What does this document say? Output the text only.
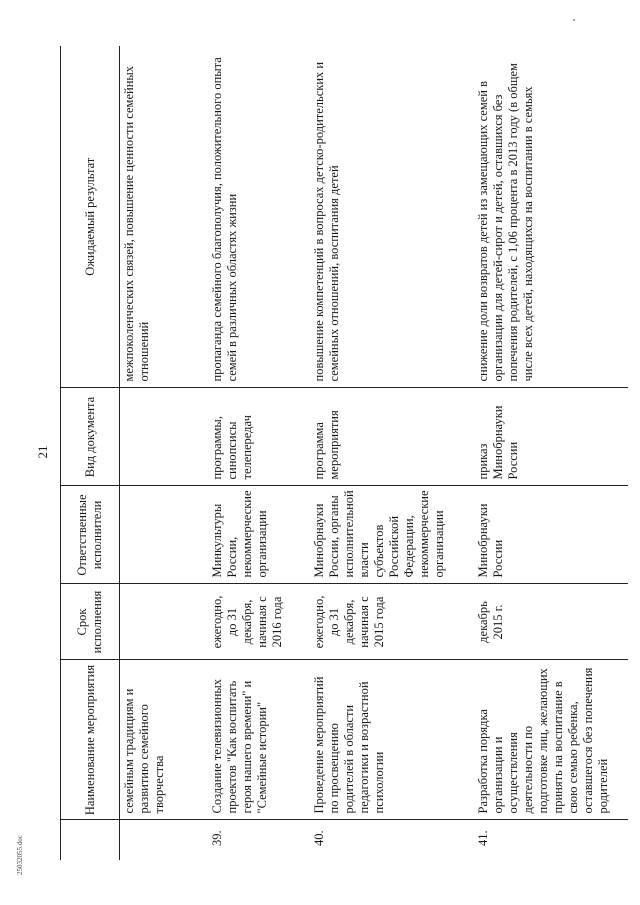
21
25032055.doc
	Наименование мероприятия	Срок исполнения	Ответственные исполнители	Вид документа	Ожидаемый результат
	семейным традициям и развитию семейного творчества				межпоколенческих связей, повышение ценности семейных отношений
39.	Создание телевизионных проектов "Как воспитать героя нашего времени" и "Семейные истории"	ежегодно, до 31 декабря, начиная с 2016 года	Минкультуры России, некоммерческие организации	программы, синопсисы телепередач	пропаганда семейного благополучия, положительного опыта семей в различных областях жизни
40.	Проведение мероприятий по просвещению родителей в области педагогики и возрастной психологии	ежегодно, до 31 декабря, начиная с 2015 года	Минобрнауки России, органы исполнительной власти субъектов Российской Федерации, некоммерческие организации	программа мероприятия	повышение компетенций в вопросах детско-родительских и семейных отношений, воспитания детей
41.	Разработка порядка организации и осуществления деятельности по подготовке лиц, желающих принять на воспитание в свою семью ребенка, оставшегося без попечения родителей	декабрь 2015 г.	Минобрнауки России	приказ Минобрнауки России	снижение доли возвратов детей из замещающих семей в организации для детей-сирот и детей, оставшихся без попечения родителей, с 1,06 процента в 2013 году (в общем числе всех детей, находящихся на воспитании в семьях
